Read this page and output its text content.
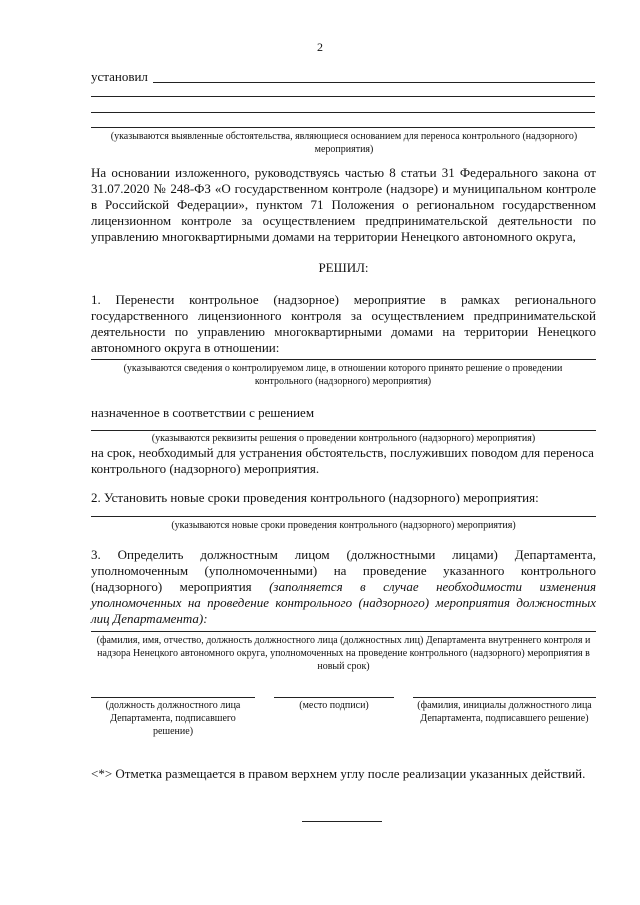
2
установил
(указываются выявленные обстоятельства, являющиеся основанием для переноса контрольного (надзорного) мероприятия)
На основании изложенного, руководствуясь частью 8 статьи 31 Федерального закона от 31.07.2020 № 248-ФЗ «О государственном контроле (надзоре) и муниципальном контроле в Российской Федерации», пунктом 71 Положения о региональном государственном лицензионном контроле за осуществлением предпринимательской деятельности по управлению многоквартирными домами на территории Ненецкого автономного округа,
РЕШИЛ:
1. Перенести контрольное (надзорное) мероприятие в рамках регионального государственного лицензионного контроля за осуществлением предпринимательской деятельности по управлению многоквартирными домами на территории Ненецкого автономного округа в отношении:
(указываются сведения о контролируемом лице, в отношении которого принято решение о проведении контрольного (надзорного) мероприятия)
назначенное в соответствии с решением
(указываются реквизиты решения о проведении контрольного (надзорного) мероприятия)
на срок, необходимый для устранения обстоятельств, послуживших поводом для переноса контрольного (надзорного) мероприятия.
2. Установить новые сроки проведения контрольного (надзорного) мероприятия:
(указываются новые сроки проведения контрольного (надзорного) мероприятия)
3. Определить должностным лицом (должностными лицами) Департамента, уполномоченным (уполномоченными) на проведение указанного контрольного (надзорного) мероприятия (заполняется в случае необходимости изменения уполномоченных на проведение контрольного (надзорного) мероприятия должностных лиц Департамента):
(фамилия, имя, отчество, должность должностного лица (должностных лиц) Департамента внутреннего контроля и надзора Ненецкого автономного округа, уполномоченных на проведение контрольного (надзорного) мероприятия в новый срок)
(должность должностного лица Департамента, подписавшего решение)
(место подписи)	(фамилия, инициалы должностного лица Департамента, подписавшего решение)
<*> Отметка размещается в правом верхнем углу после реализации указанных действий.
